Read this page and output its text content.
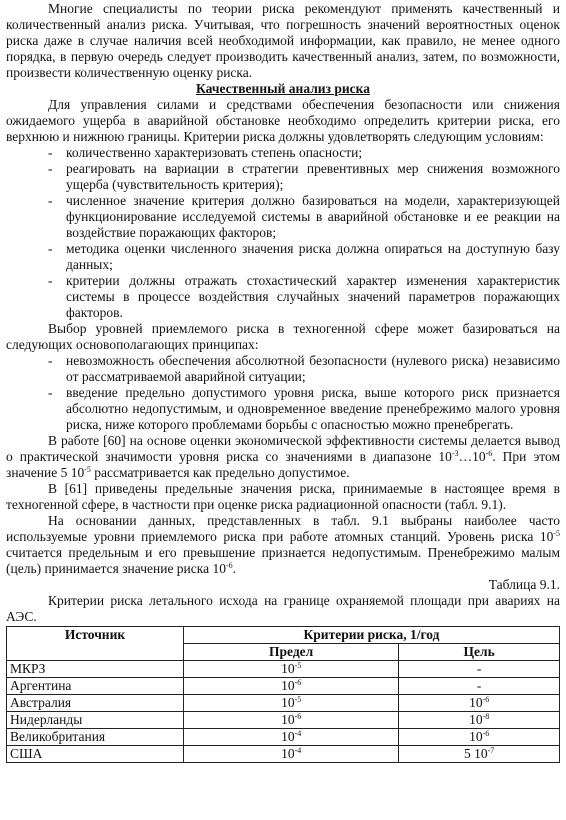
Многие специалисты по теории риска рекомендуют применять качественный и количественный анализ риска. Учитывая, что погрешность значений вероятностных оценок риска даже в случае наличия всей необходимой информации, как правило, не менее одного порядка, в первую очередь следует производить качественный анализ, затем, по возможности, произвести количественную оценку риска.

Качественный анализ риска

Для управления силами и средствами обеспечения безопасности или снижения ожидаемого ущерба в аварийной обстановке необходимо определить критерии риска, его верхнюю и нижнюю границы. Критерии риска должны удовлетворять следующим условиям:

- количественно характеризовать степень опасности;
- реагировать на вариации в стратегии превентивных мер снижения возможного ущерба (чувствительность критерия);
- численное значение критерия должно базироваться на модели, характеризующей функционирование исследуемой системы в аварийной обстановке и ее реакции на воздействие поражающих факторов;
- методика оценки численного значения риска должна опираться на доступную базу данных;
- критерии должны отражать стохастический характер изменения характеристик системы в процессе воздействия случайных значений параметров поражающих факторов.

Выбор уровней приемлемого риска в техногенной сфере может базироваться на следующих основополагающих принципах:

- невозможность обеспечения абсолютной безопасности (нулевого риска) независимо от рассматриваемой аварийной ситуации;
- введение предельно допустимого уровня риска, выше которого риск признается абсолютно недопустимым, и одновременное введение пренебрежимо малого уровня риска, ниже которого проблемами борьбы с опасностью можно пренебрегать.

В работе [60] на основе оценки экономической эффективности системы делается вывод о практической значимости уровня риска со значениями в диапазоне $10^{-3}\dots 10^{-6}$. При этом значение 5 $10^{-5}$ рассматривается как предельно допустимое.

В [61] приведены предельные значения риска, принимаемые в настоящее время в техногенной сфере, в частности при оценке риска радиационной опасности (табл. 9.1).

На основании данных, представленных в табл. 9.1 выбраны наиболее часто используемые уровни приемлемого риска при работе атомных станций. Уровень риска $10^{-5}$ считается предельным и его превышение признается недопустимым. Пренебрежимо малым (цель) принимается значение риска $10^{-6}$.

Таблица 9.1.

Критерии риска летального исхода на границе охраняемой площади при авариях на АЭС.

Источник	Критерии риска, 1/год	
	Предел	Цель
МКРЗ	$10^{-5}$	-
Аргентина	$10^{-6}$	-
Австралия	$10^{-5}$	$10^{-6}$
Нидерланды	$10^{-6}$	$10^{-8}$
Великобритания	$10^{-4}$	$10^{-6}$
США	$10^{-4}$	5 $10^{-7}$
